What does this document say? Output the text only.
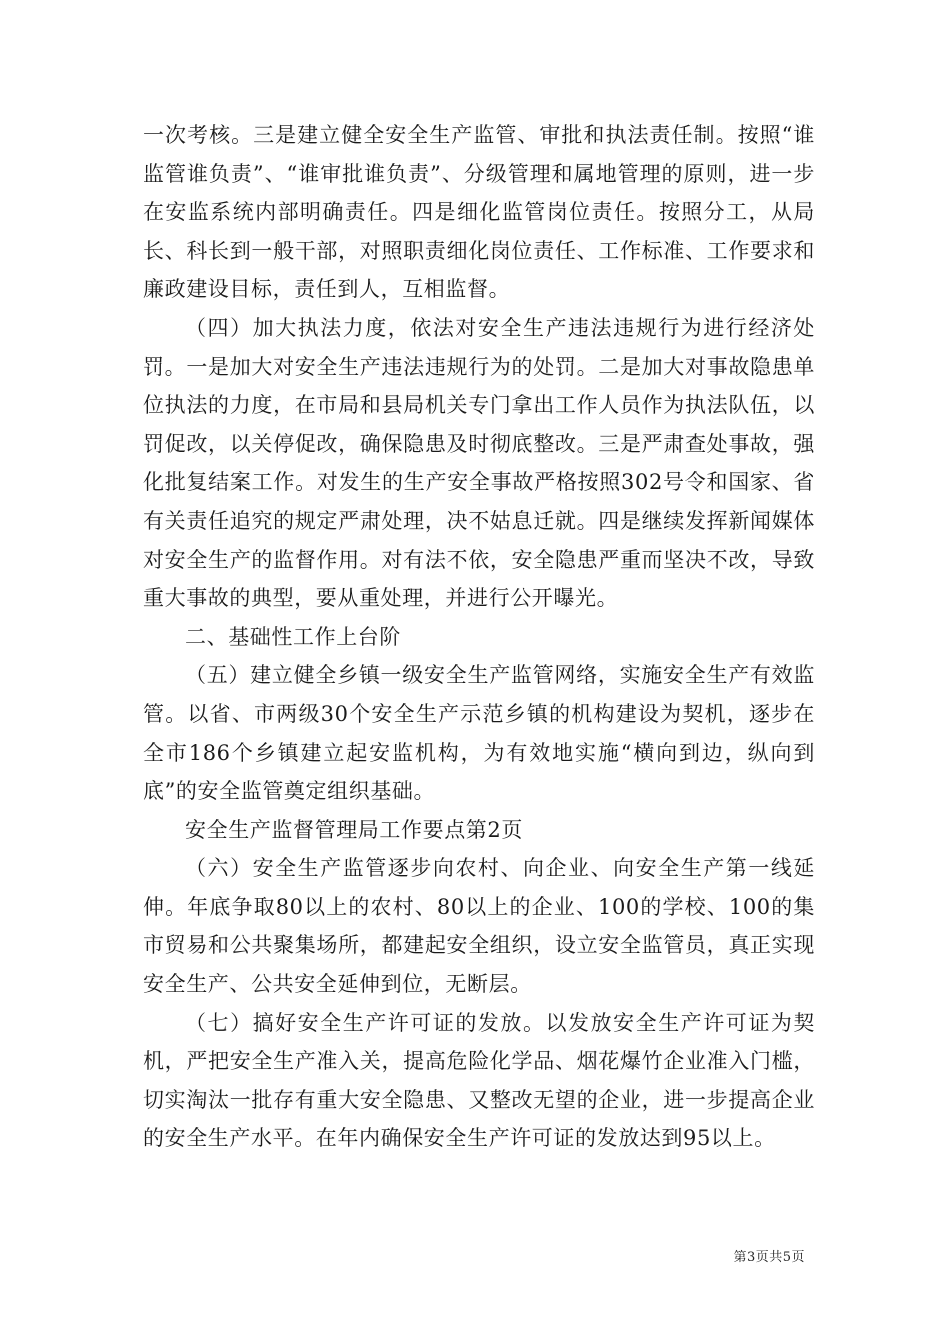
一次考核。三是建立健全安全生产监管、审批和执法责任制。按照“谁监管谁负责”、“谁审批谁负责”、分级管理和属地管理的原则，进一步在安监系统内部明确责任。四是细化监管岗位责任。按照分工，从局长、科长到一般干部，对照职责细化岗位责任、工作标准、工作要求和廉政建设目标，责任到人，互相监督。

（四）加大执法力度，依法对安全生产违法违规行为进行经济处罚。一是加大对安全生产违法违规行为的处罚。二是加大对事故隐患单位执法的力度，在市局和县局机关专门拿出工作人员作为执法队伍，以罚促改，以关停促改，确保隐患及时彻底整改。三是严肃查处事故，强化批复结案工作。对发生的生产安全事故严格按照302号令和国家、省有关责任追究的规定严肃处理，决不姑息迁就。四是继续发挥新闻媒体对安全生产的监督作用。对有法不依，安全隐患严重而坚决不改，导致重大事故的典型，要从重处理，并进行公开曝光。

二、基础性工作上台阶

（五）建立健全乡镇一级安全生产监管网络，实施安全生产有效监管。以省、市两级30个安全生产示范乡镇的机构建设为契机，逐步在全市186个乡镇建立起安监机构，为有效地实施“横向到边，纵向到底”的安全监管奠定组织基础。

安全生产监督管理局工作要点第2页

（六）安全生产监管逐步向农村、向企业、向安全生产第一线延伸。年底争取80以上的农村、80以上的企业、100的学校、100的集市贸易和公共聚集场所，都建起安全组织，设立安全监管员，真正实现安全生产、公共安全延伸到位，无断层。

（七）搞好安全生产许可证的发放。以发放安全生产许可证为契机，严把安全生产准入关，提高危险化学品、烟花爆竹企业准入门槛，切实淘汰一批存有重大安全隐患、又整改无望的企业，进一步提高企业的安全生产水平。在年内确保安全生产许可证的发放达到95以上。

第3页共5页
